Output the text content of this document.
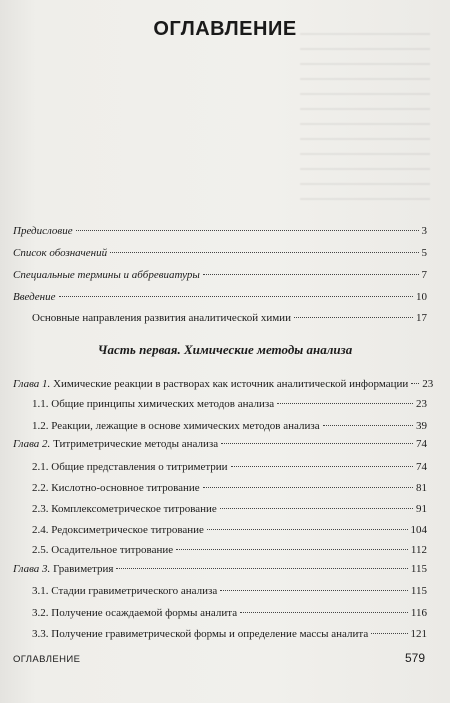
ОГЛАВЛЕНИЕ
Предисловие	3
Список обозначений	5
Специальные термины и аббревиатуры	7
Введение	10
Основные направления развития аналитической химии	17
Часть первая. Химические методы анализа
Глава 1. Химические реакции в растворах как источник аналитической информации 23
1.1. Общие принципы химических методов анализа	23
1.2. Реакции, лежащие в основе химических методов анализа	39
Глава 2. Титриметрические методы анализа	74
2.1. Общие представления о титриметрии	74
2.2. Кислотно-основное титрование	81
2.3. Комплексометрическое титрование	91
2.4. Редоксиметрическое титрование	104
2.5. Осадительное титрование	112
Глава 3. Гравиметрия	115
3.1. Стадии гравиметрического анализа	115
3.2. Получение осаждаемой формы аналита	116
3.3. Получение гравиметрической формы и определение массы аналита	121
ОГЛАВЛЕНИЕ	579
